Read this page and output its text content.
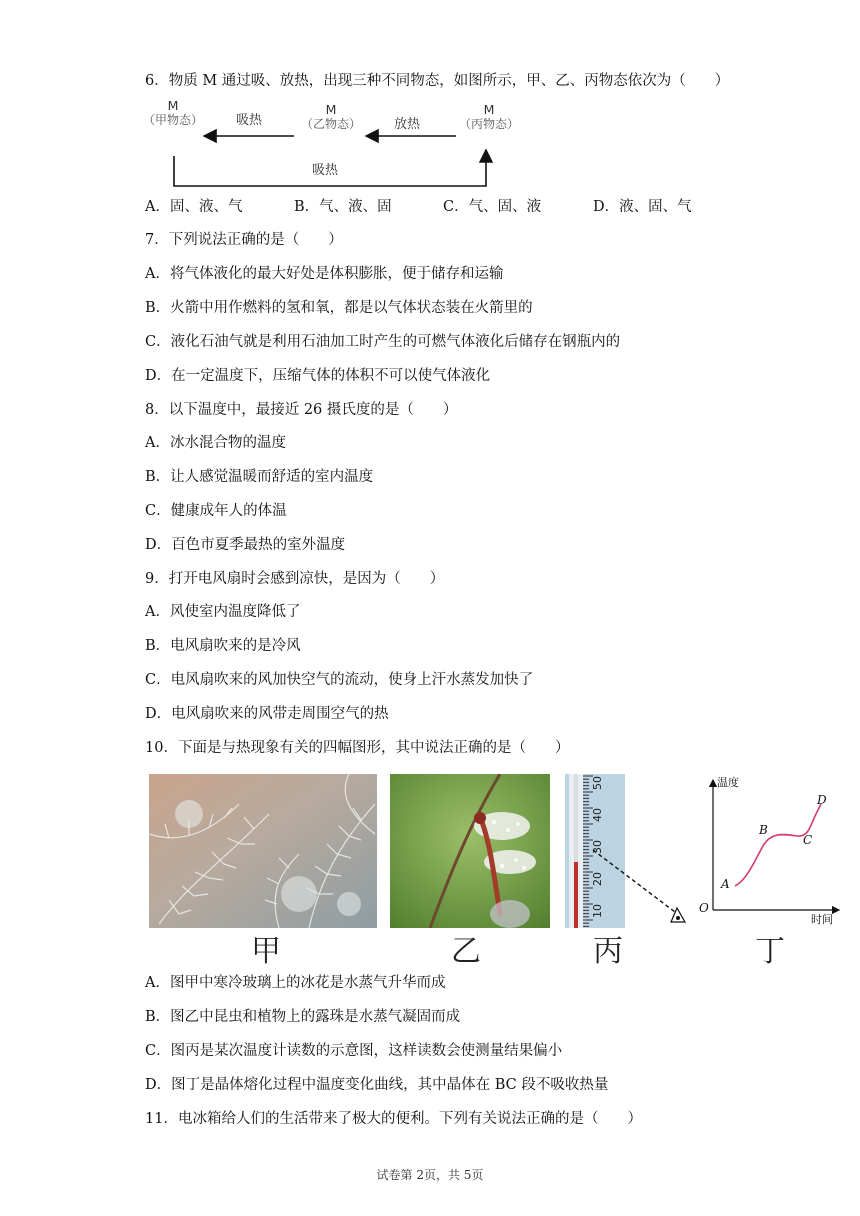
6．物质 M 通过吸、放热，出现三种不同物态，如图所示，甲、乙、丙物态依次为（　　）
M
（甲物态）
M
（乙物态）
M
（丙物态）
吸热	放热
吸热
A．固、液、气	B．气、液、固	C．气、固、液	D．液、固、气
7．下列说法正确的是（　　）
A．将气体液化的最大好处是体积膨胀，便于储存和运输
B．火箭中用作燃料的氢和氧，都是以气体状态装在火箭里的
C．液化石油气就是利用石油加工时产生的可燃气体液化后储存在钢瓶内的
D．在一定温度下，压缩气体的体积不可以使气体液化
8．以下温度中，最接近 26 摄氏度的是（　　）
A．冰水混合物的温度
B．让人感觉温暖而舒适的室内温度
C．健康成年人的体温
D．百色市夏季最热的室外温度
9．打开电风扇时会感到凉快，是因为（　　）
A．风使室内温度降低了
B．电风扇吹来的是冷风
C．电风扇吹来的风加快空气的流动，使身上汗水蒸发加快了
D．电风扇吹来的风带走周围空气的热
10．下面是与热现象有关的四幅图形，其中说法正确的是（　　）
50
40
30
20
10
A
B
C
D
O
温度
时间
甲	乙	丙	丁
A．图甲中寒冷玻璃上的冰花是水蒸气升华而成
B．图乙中昆虫和植物上的露珠是水蒸气凝固而成
C．图丙是某次温度计读数的示意图，这样读数会使测量结果偏小
D．图丁是晶体熔化过程中温度变化曲线，其中晶体在 BC 段不吸收热量
11．电冰箱给人们的生活带来了极大的便利。下列有关说法正确的是（　　）
试卷第 2页，共 5页
